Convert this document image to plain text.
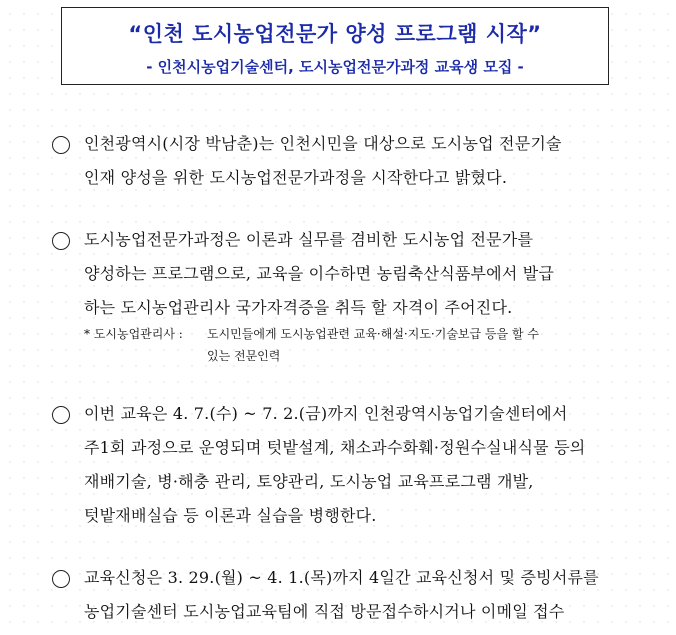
“인천 도시농업전문가 양성 프로그램 시작”
- 인천시농업기술센터, 도시농업전문가과정 교육생 모집 -
인천광역시(시장 박남춘)는 인천시민을 대상으로 도시농업 전문기술
인재 양성을 위한 도시농업전문가과정을 시작한다고 밝혔다.
도시농업전문가과정은 이론과 실무를 겸비한 도시농업 전문가를
양성하는 프로그램으로, 교육을 이수하면 농림축산식품부에서 발급
하는 도시농업관리사 국가자격증을 취득 할 자격이 주어진다.
* 도시농업관리사 : 도시민들에게 도시농업관련 교육·해설·지도·기술보급 등을 할 수
있는 전문인력
이번 교육은 4. 7.(수) ~ 7. 2.(금)까지 인천광역시농업기술센터에서
주1회 과정으로 운영되며 텃밭설계, 채소과수화훼·정원수실내식물 등의
재배기술, 병·해충 관리, 토양관리, 도시농업 교육프로그램 개발,
텃밭재배실습 등 이론과 실습을 병행한다.
교육신청은 3. 29.(월) ~ 4. 1.(목)까지 4일간 교육신청서 및 증빙서류를
농업기술센터 도시농업교육팀에 직접 방문접수하시거나 이메일 접수
